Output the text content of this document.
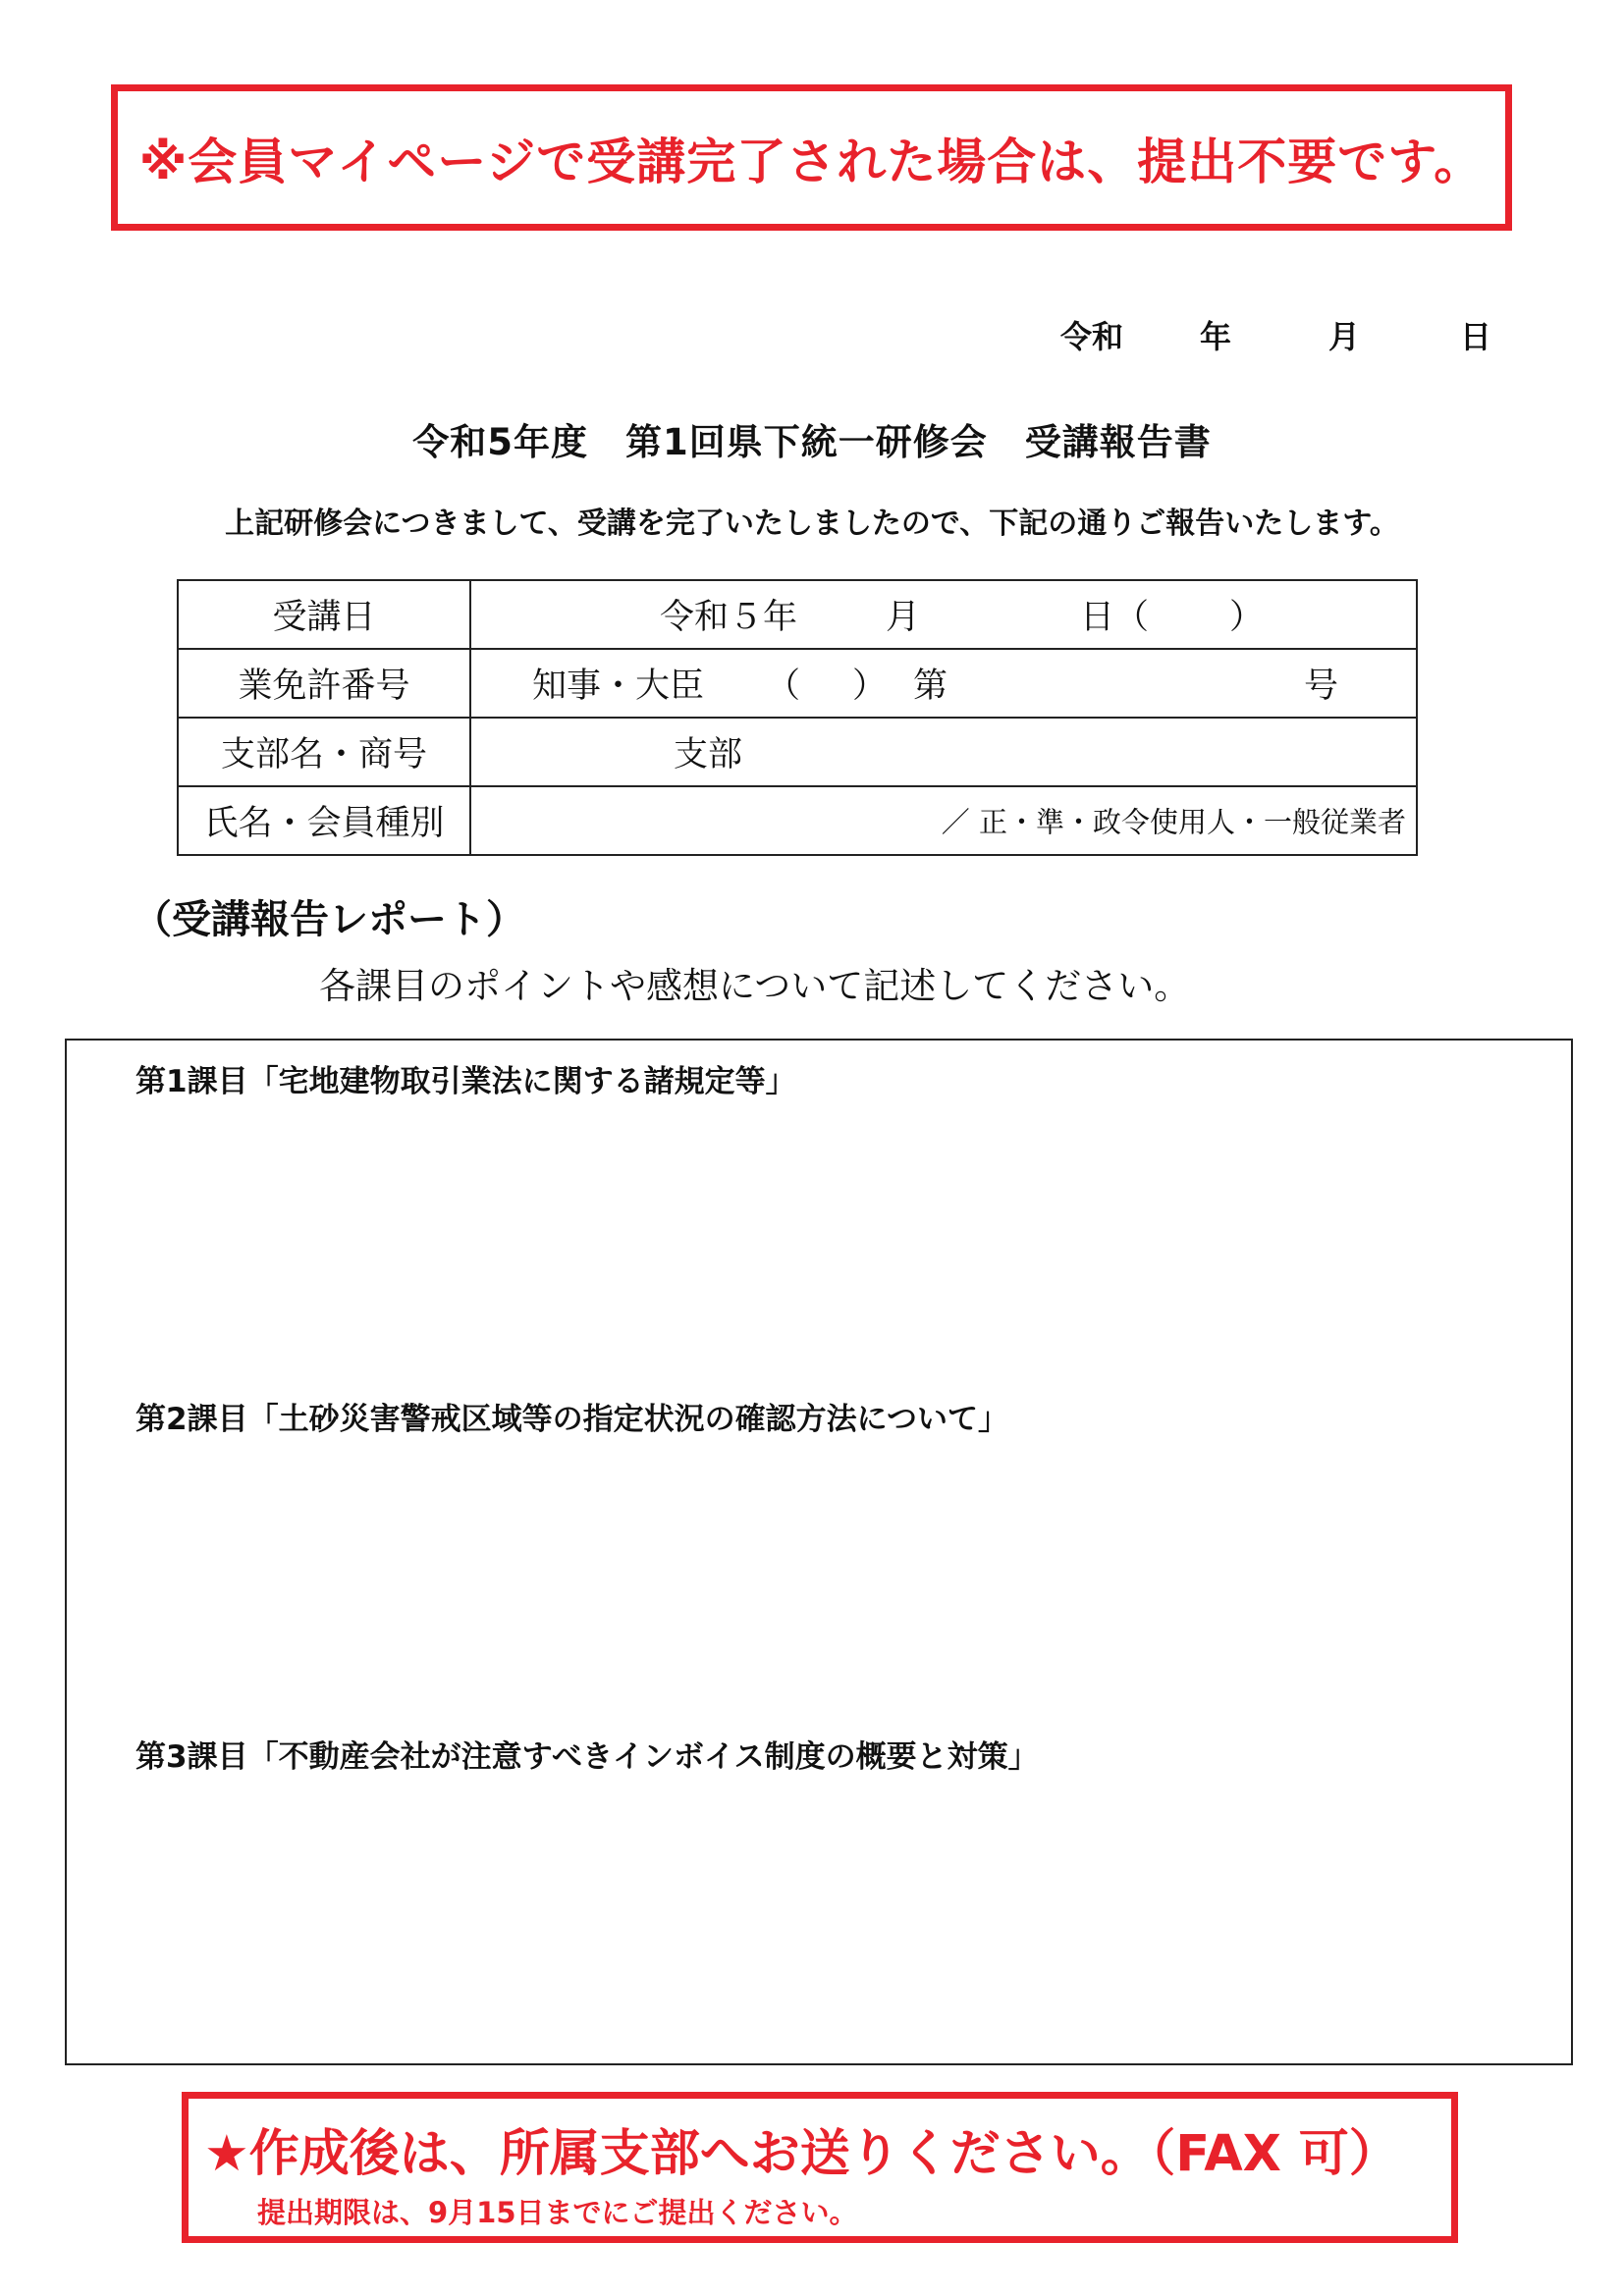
※会員マイページで受講完了された場合は、提出不要です。
令和 年	月	日
令和5年度　第1回県下統一研修会　受講報告書
上記研修会につきまして、受講を完了いたしましたので、下記の通りご報告いたします。
受講日	令和５年 月 日（ ）

業免許番号	知事・大臣 （ ） 第 号

支部名・商号	支部

氏名・会員種別	／ 正・準・政令使用人・一般従業者
（受講報告レポート）
各課目のポイントや感想について記述してください。
第1課目「宅地建物取引業法に関する諸規定等」
第2課目「土砂災害警戒区域等の指定状況の確認方法について」
第3課目「不動産会社が注意すべきインボイス制度の概要と対策」
★作成後は、所属支部へお送りください。（FAX 可）
提出期限は、9月15日までにご提出ください。
